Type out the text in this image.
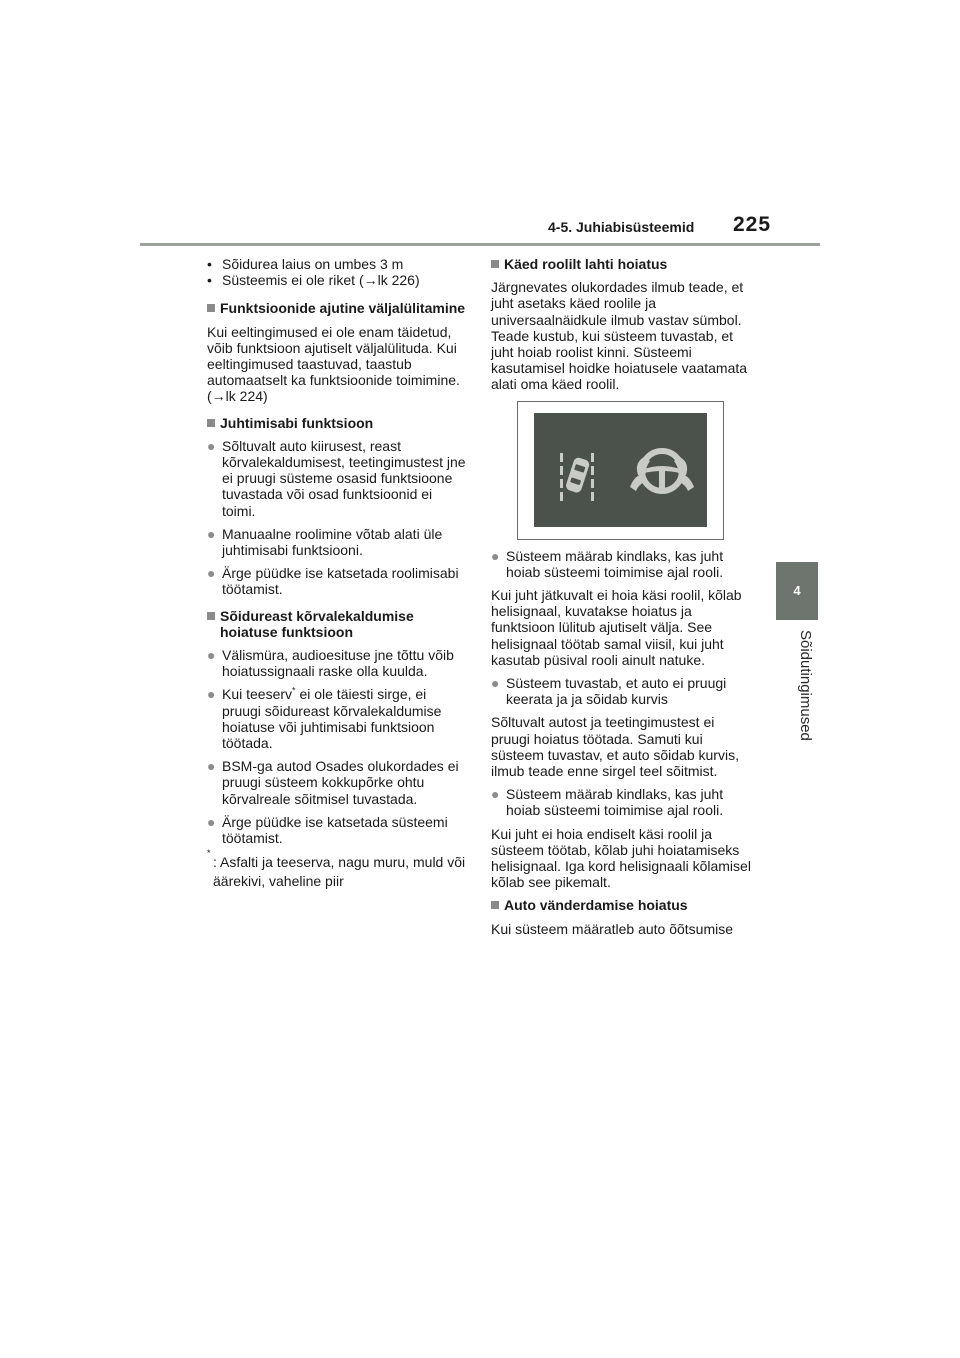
4-5. Juhiabisüsteemid 225
4
Sõidutingimused
• Sõidurea laius on umbes 3 m
• Süsteemis ei ole riket (→lk 226)
Funktsioonide ajutine väljalülitamine

Kui eeltingimused ei ole enam täidetud, võib funktsioon ajutiselt väljalülituda. Kui eeltingimused taastuvad, taastub automaatselt ka funktsioonide toimimine. (→lk 224)

Juhtimisabi funktsioon
● Sõltuvalt auto kiirusest, reast kõrvalekaldumisest, teetingimustest jne ei pruugi süsteme osasid funktsioone tuvastada või osad funktsioonid ei toimi.
● Manuaalne roolimine võtab alati üle juhtimisabi funktsiooni.
● Ärge püüdke ise katsetada roolimisabi töötamist.
Sõidureast kõrvalekaldumise hoiatuse funktsioon
● Välismüra, audioesituse jne tõttu võib hoiatussignaali raske olla kuulda.
● Kui teeserv* ei ole täiesti sirge, ei pruugi sõidureast kõrvalekaldumise hoiatuse või juhtimisabi funktsioon töötada.
● BSM-ga autod Osades olukordades ei pruugi süsteem kokkupõrke ohtu kõrvalreale sõitmisel tuvastada.
● Ärge püüdke ise katsetada süsteemi töötamist.
*
: Asfalti ja teeserva, nagu muru, muld või äärekivi, vaheline piir
Käed roolilt lahti hoiatus

Järgnevates olukordades ilmub teade, et juht asetaks käed roolile ja universaalnäidkule ilmub vastav sümbol. Teade kustub, kui süsteem tuvastab, et juht hoiab roolist kinni. Süsteemi kasutamisel hoidke hoiatusele vaatamata alati oma käed roolil.

● Süsteem määrab kindlaks, kas juht hoiab süsteemi toimimise ajal rooli.

Kui juht jätkuvalt ei hoia käsi roolil, kõlab helisignaal, kuvatakse hoiatus ja funktsioon lülitub ajutiselt välja. See helisignaal töötab samal viisil, kui juht kasutab püsival rooli ainult natuke.

● Süsteem tuvastab, et auto ei pruugi keerata ja ja sõidab kurvis

Sõltuvalt autost ja teetingimustest ei pruugi hoiatus töötada. Samuti kui süsteem tuvastav, et auto sõidab kurvis, ilmub teade enne sirgel teel sõitmist.

● Süsteem määrab kindlaks, kas juht hoiab süsteemi toimimise ajal rooli.

Kui juht ei hoia endiselt käsi roolil ja süsteem töötab, kõlab juhi hoiatamiseks helisignaal. Iga kord helisignaali kõlamisel kõlab see pikemalt.

Auto vänderdamise hoiatus

Kui süsteem määratleb auto õõtsumise
